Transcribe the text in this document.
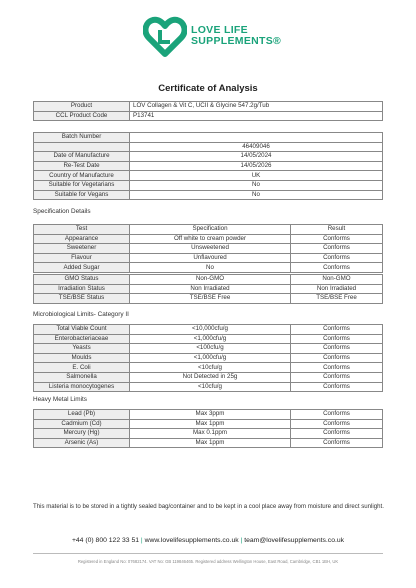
LOVE LIFE
SUPPLEMENTS®
Certificate of Analysis
Product	LOV Collagen & Vit C, UCII & Glycine 547.2g/Tub
CCL Product Code	P13741
Batch Number	
	46409046
Date of Manufacture	14/05/2024
Re-Test Date	14/05/2026
Country of Manufacture	UK
Suitable for Vegetarians	No
Suitable for Vegans	No
Specification Details
Test	Specification	Result
Appearance	Off white to cream powder	Conforms
Sweetener	Unsweetened	Conforms
Flavour	Unflavoured	Conforms
Added Sugar	No	Conforms
GMO Status	Non-GMO	Non-GMO
Irradiation Status	Non Irradiated	Non Irradiated
TSE/BSE Status	TSE/BSE Free	TSE/BSE Free
Microbiological Limits- Category II
Total Viable Count	<10,000cfu/g	Conforms
Enterobacteriaceae	<1,000cfu/g	Conforms
Yeasts	<100cfu/g	Conforms
Moulds	<1,000cfu/g	Conforms
E. Coli	<10cfu/g	Conforms
Salmonella	Not Detected in 25g	Conforms
Listeria monocytogenes	<10cfu/g	Conforms
Heavy Metal Limits
Lead (Pb)	Max 3ppm	Conforms
Cadmium (Cd)	Max 1ppm	Conforms
Mercury (Hg)	Max 0.1ppm	Conforms
Arsenic (As)	Max 1ppm	Conforms
This material is to be stored in a tightly sealed bag/container and to be kept in a cool place away from moisture and direct sunlight.
+44 (0) 800 122 33 51 | www.lovelifesupplements.co.uk | team@lovelifesupplements.co.uk
Registered in England No: 07682174. VAT No: GB 119846465. Registered address Wellington House, East Road, Cambridge, CB1 1BH, UK
